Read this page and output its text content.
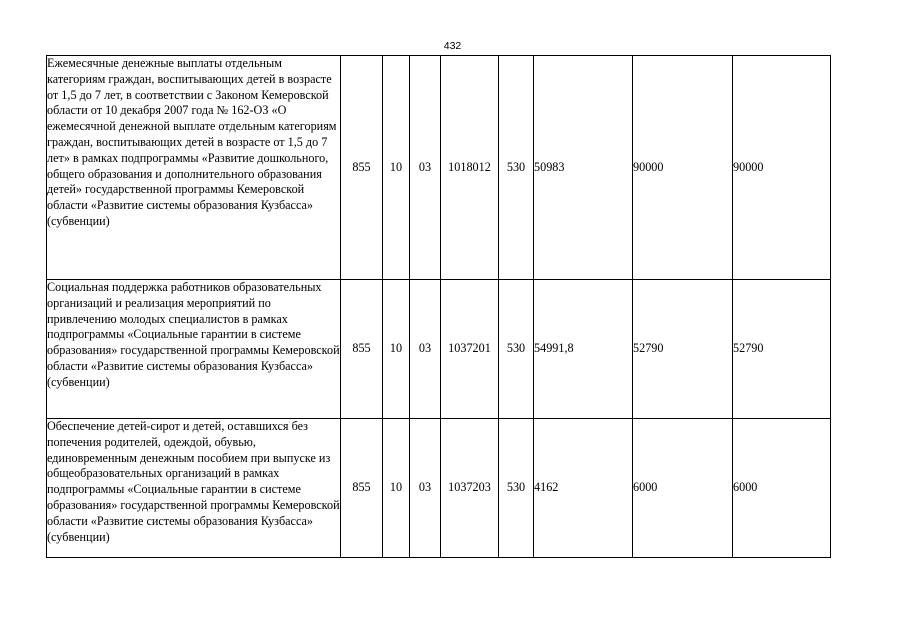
432
Ежемесячные денежные выплаты отдельным категориям граждан, воспитывающих детей в возрасте от 1,5 до 7 лет, в соответствии с Законом Кемеровской области от 10 декабря 2007 года № 162-ОЗ «О ежемесячной денежной выплате отдельным категориям граждан, воспитывающих детей в возрасте от 1,5 до 7 лет» в рамках подпрограммы «Развитие дошкольного, общего образования и дополнительного образования детей» государственной программы Кемеровской области «Развитие системы образования Кузбасса» (субвенции)	855	10	03	1018012	530	50983	90000	90000
Социальная поддержка работников образовательных организаций и реализация мероприятий по привлечению молодых специалистов в рамках подпрограммы «Социальные гарантии в системе образования» государственной программы Кемеровской области «Развитие системы образования Кузбасса» (субвенции)	855	10	03	1037201	530	54991,8	52790	52790
Обеспечение детей-сирот и детей, оставшихся без попечения родителей, одеждой, обувью, единовременным денежным пособием при выпуске из общеобразовательных организаций в рамках подпрограммы «Социальные гарантии в системе образования» государственной программы Кемеровской области «Развитие системы образования Кузбасса» (субвенции)	855	10	03	1037203	530	4162	6000	6000
